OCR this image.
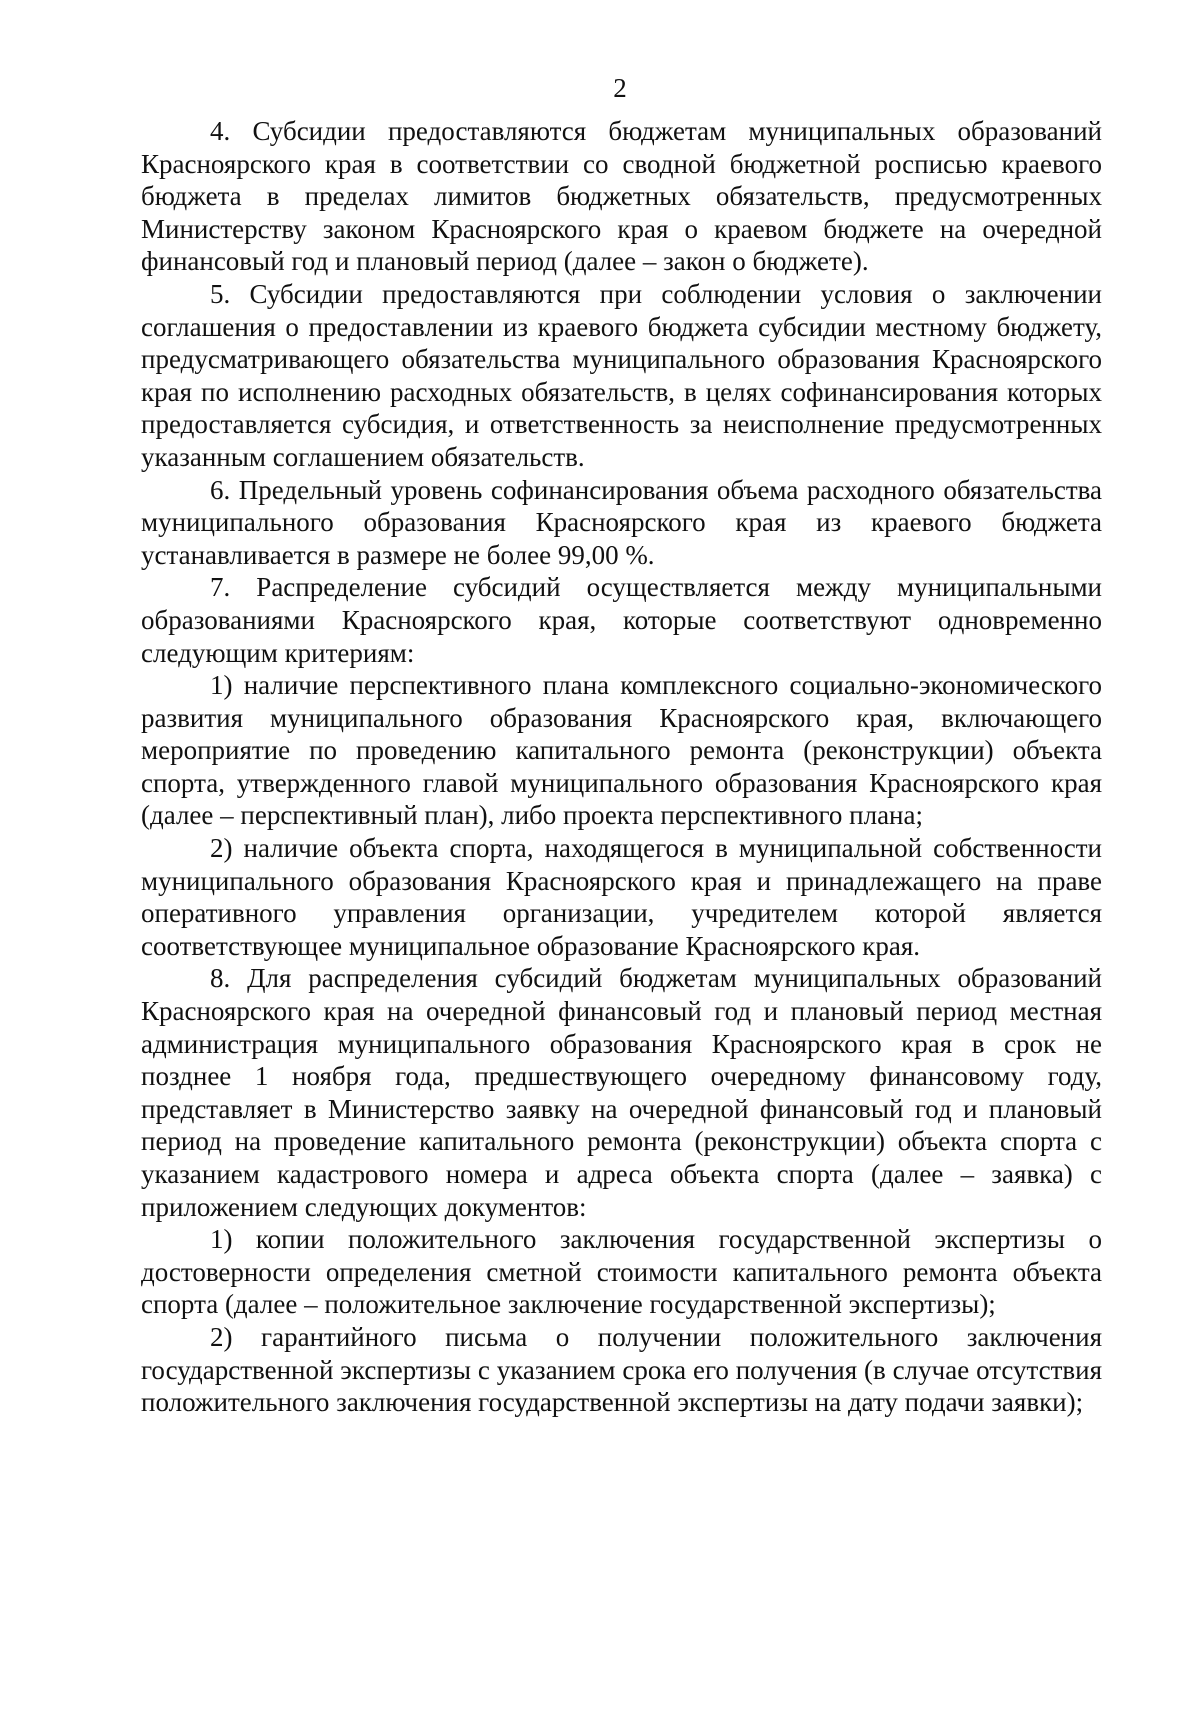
2

4. Субсидии предоставляются бюджетам муниципальных образований Красноярского края в соответствии со сводной бюджетной росписью краевого бюджета в пределах лимитов бюджетных обязательств, предусмотренных Министерству законом Красноярского края о краевом бюджете на очередной финансовый год и плановый период (далее – закон о бюджете).

5. Субсидии предоставляются при соблюдении условия о заключении соглашения о предоставлении из краевого бюджета субсидии местному бюджету, предусматривающего обязательства муниципального образования Красноярского края по исполнению расходных обязательств, в целях софинансирования которых предоставляется субсидия, и ответственность за неисполнение предусмотренных указанным соглашением обязательств.

6. Предельный уровень софинансирования объема расходного обязательства муниципального образования Красноярского края из краевого бюджета устанавливается в размере не более 99,00 %.

7. Распределение субсидий осуществляется между муниципальными образованиями Красноярского края, которые соответствуют одновременно следующим критериям:

1) наличие перспективного плана комплексного социально-экономического развития муниципального образования Красноярского края, включающего мероприятие по проведению капитального ремонта (реконструкции) объекта спорта, утвержденного главой муниципального образования Красноярского края (далее – перспективный план), либо проекта перспективного плана;

2) наличие объекта спорта, находящегося в муниципальной собственности муниципального образования Красноярского края и принадлежащего на праве оперативного управления организации, учредителем которой является соответствующее муниципальное образование Красноярского края.

8. Для распределения субсидий бюджетам муниципальных образований Красноярского края на очередной финансовый год и плановый период местная администрация муниципального образования Красноярского края в срок не позднее 1 ноября года, предшествующего очередному финансовому году, представляет в Министерство заявку на очередной финансовый год и плановый период на проведение капитального ремонта (реконструкции) объекта спорта с указанием кадастрового номера и адреса объекта спорта (далее – заявка) с приложением следующих документов:

1) копии положительного заключения государственной экспертизы о достоверности определения сметной стоимости капитального ремонта объекта спорта (далее – положительное заключение государственной экспертизы);

2) гарантийного письма о получении положительного заключения государственной экспертизы с указанием срока его получения (в случае отсутствия положительного заключения государственной экспертизы на дату подачи заявки);
